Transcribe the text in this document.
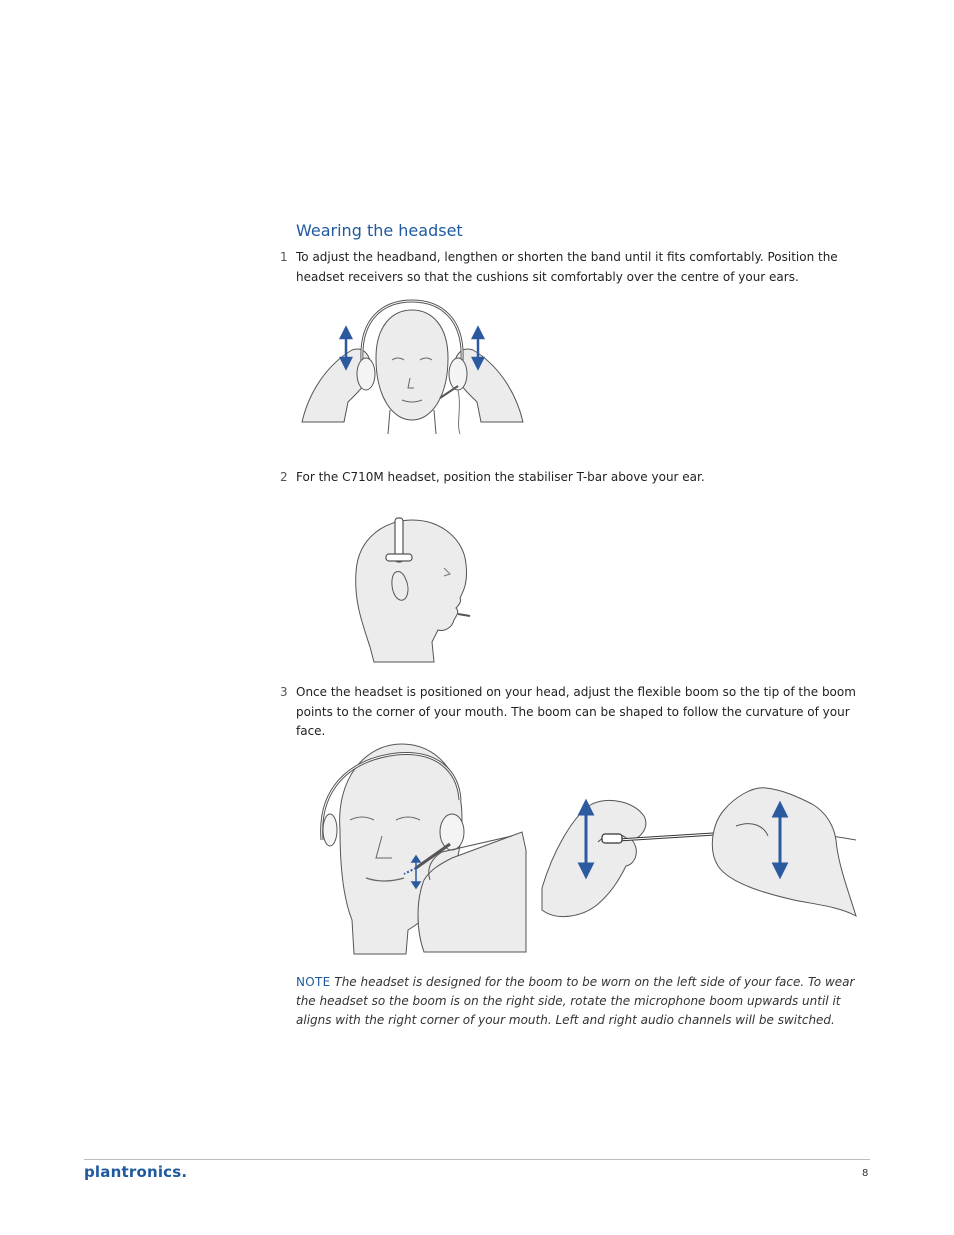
Wearing the headset
1 To adjust the headband, lengthen or shorten the band until it fits comfortably. Position the headset receivers so that the cushions sit comfortably over the centre of your ears.

2 For the C710M headset, position the stabiliser T-bar above your ear.

3 Once the headset is positioned on your head, adjust the flexible boom so the tip of the boom points to the corner of your mouth. The boom can be shaped to follow the curvature of your face.

NOTE The headset is designed for the boom to be worn on the left side of your face. To wear the headset so the boom is on the right side, rotate the microphone boom upwards until it aligns with the right corner of your mouth. Left and right audio channels will be switched.

plantronics.	8
